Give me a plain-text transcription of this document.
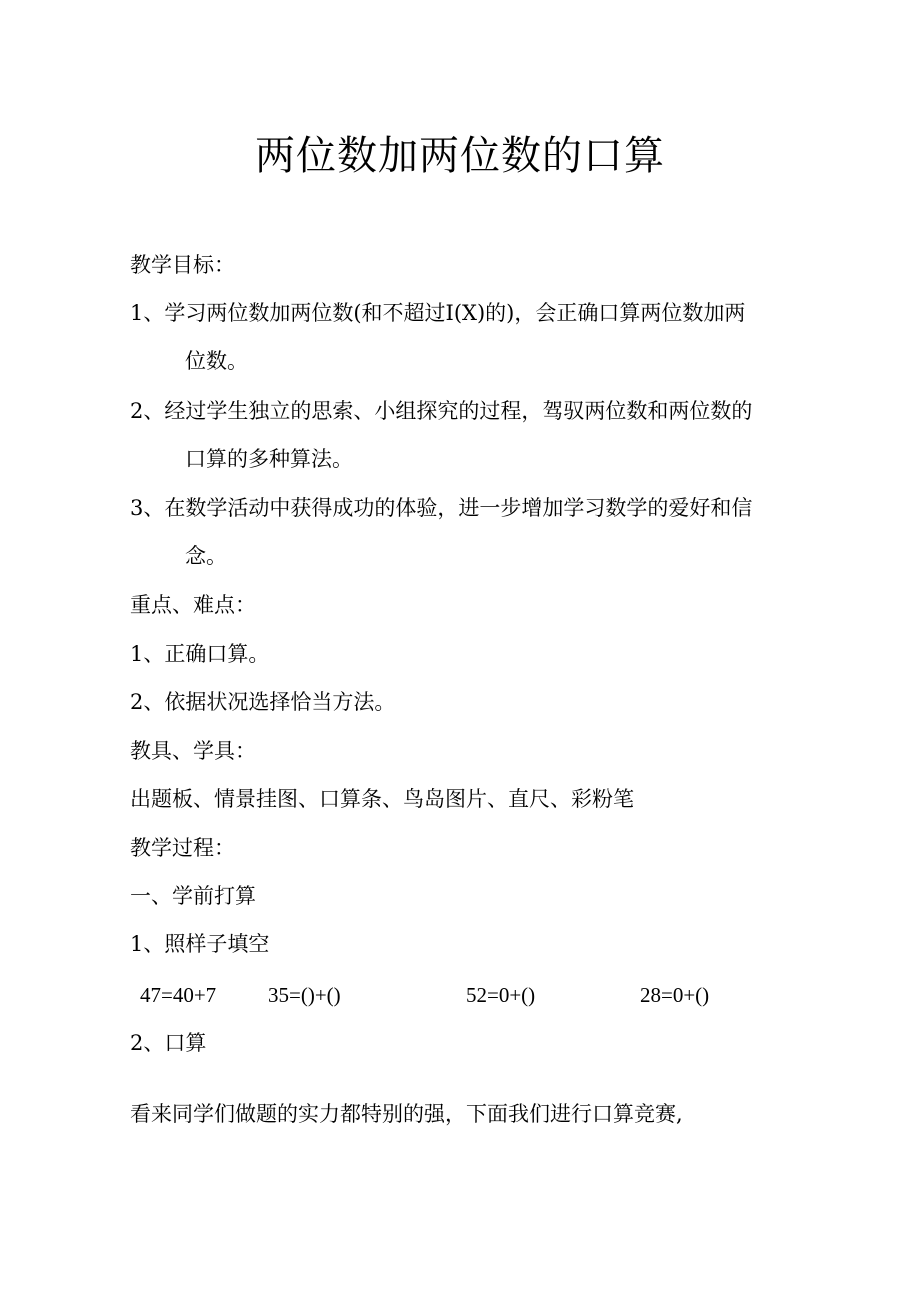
两位数加两位数的口算
教学目标：
1、学习两位数加两位数(和不超过I(X)的)，会正确口算两位数加两
位数。
2、经过学生独立的思索、小组探究的过程，驾驭两位数和两位数的
口算的多种算法。
3、在数学活动中获得成功的体验，进一步增加学习数学的爱好和信
念。
重点、难点：
1、正确口算。
2、依据状况选择恰当方法。
教具、学具：
出题板、情景挂图、口算条、鸟岛图片、直尺、彩粉笔
教学过程：
一、学前打算
1、照样子填空
47=40+7 35=()+()	52=0+()	28=0+()
2、口算
看来同学们做题的实力都特别的强，下面我们进行口算竞赛,
